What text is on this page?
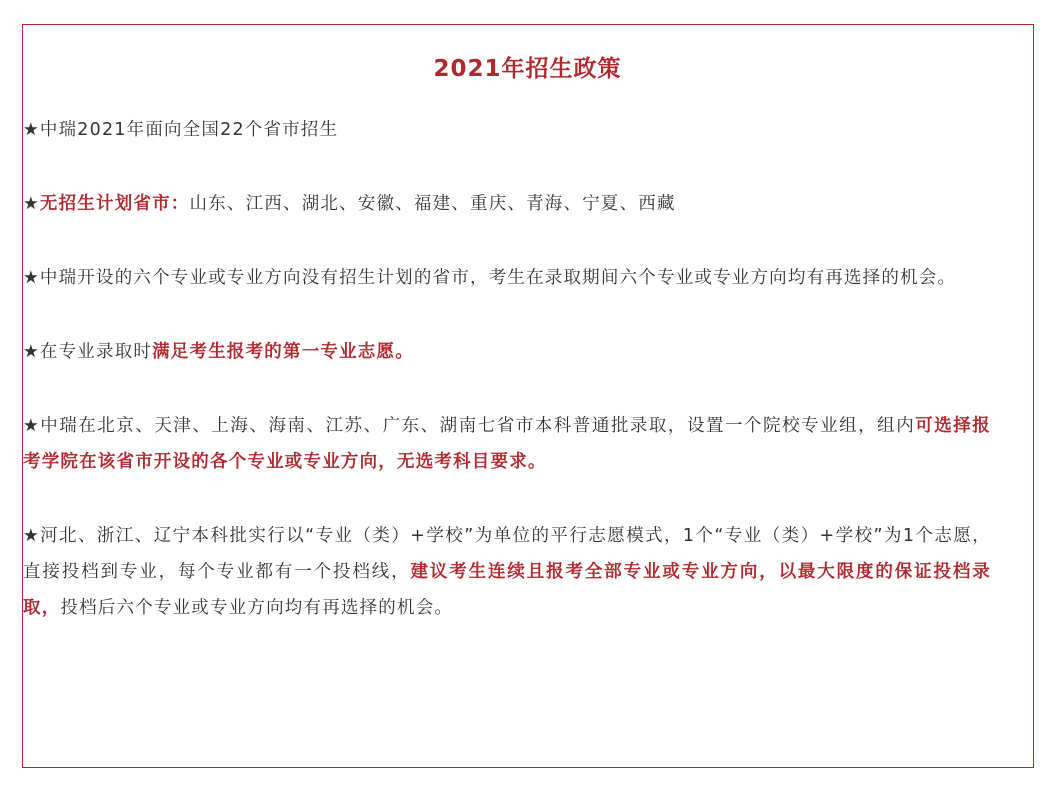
2021年招生政策

★中瑞2021年面向全国22个省市招生

★无招生计划省市：山东、江西、湖北、安徽、福建、重庆、青海、宁夏、西藏

★中瑞开设的六个专业或专业方向没有招生计划的省市，考生在录取期间六个专业或专业方向均有再选择的机会。

★在专业录取时满足考生报考的第一专业志愿。

★中瑞在北京、天津、上海、海南、江苏、广东、湖南七省市本科普通批录取，设置一个院校专业组，组内可选择报考学院在该省市开设的各个专业或专业方向，无选考科目要求。

★河北、浙江、辽宁本科批实行以“专业（类）+学校”为单位的平行志愿模式，1个“专业（类）+学校”为1个志愿，直接投档到专业，每个专业都有一个投档线，建议考生连续且报考全部专业或专业方向，以最大限度的保证投档录取，投档后六个专业或专业方向均有再选择的机会。
